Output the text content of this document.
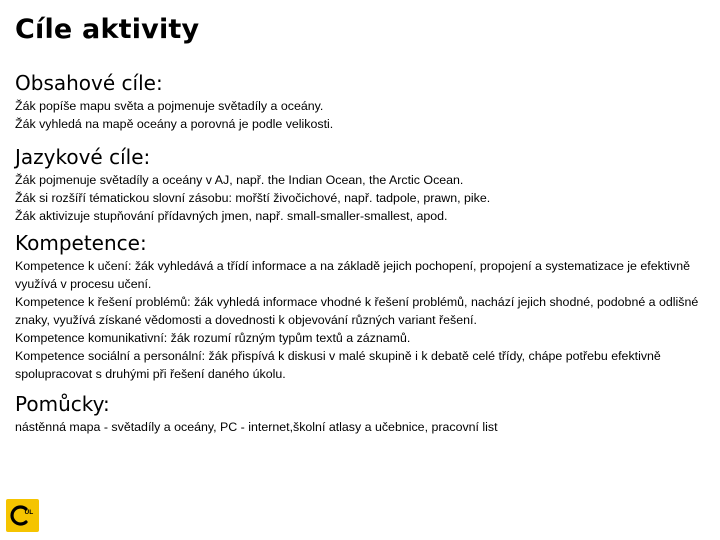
Cíle aktivity
Obsahové cíle:
Žák popíše mapu světa a pojmenuje světadíly a oceány.
Žák vyhledá na mapě oceány a porovná je podle velikosti.
Jazykové cíle:
Žák pojmenuje světadíly a oceány v AJ, např. the Indian Ocean, the Arctic Ocean.
Žák si rozšíří tématickou slovní zásobu: mořští živočichové, např. tadpole, prawn, pike.
Žák aktivizuje stupňování přídavných jmen, např. small-smaller-smallest, apod.
Kompetence:
Kompetence k učení: žák vyhledává a třídí informace a na základě jejich pochopení, propojení a systematizace je efektivně využívá v procesu učení.
Kompetence k řešení problémů: žák vyhledá informace vhodné k řešení problémů, nachází jejich shodné, podobné a odlišné znaky, využívá získané vědomosti a dovednosti k objevování různých variant řešení.
Kompetence komunikativní: žák rozumí různým typům textů a záznamů.
Kompetence sociální a personální: žák přispívá k diskusi v malé skupině i k debatě celé třídy, chápe potřebu efektivně spolupracovat s druhými při řešení daného úkolu.
Pomůcky:
nástěnná mapa - světadíly a oceány, PC - internet,školní atlasy a učebnice, pracovní list
UL
